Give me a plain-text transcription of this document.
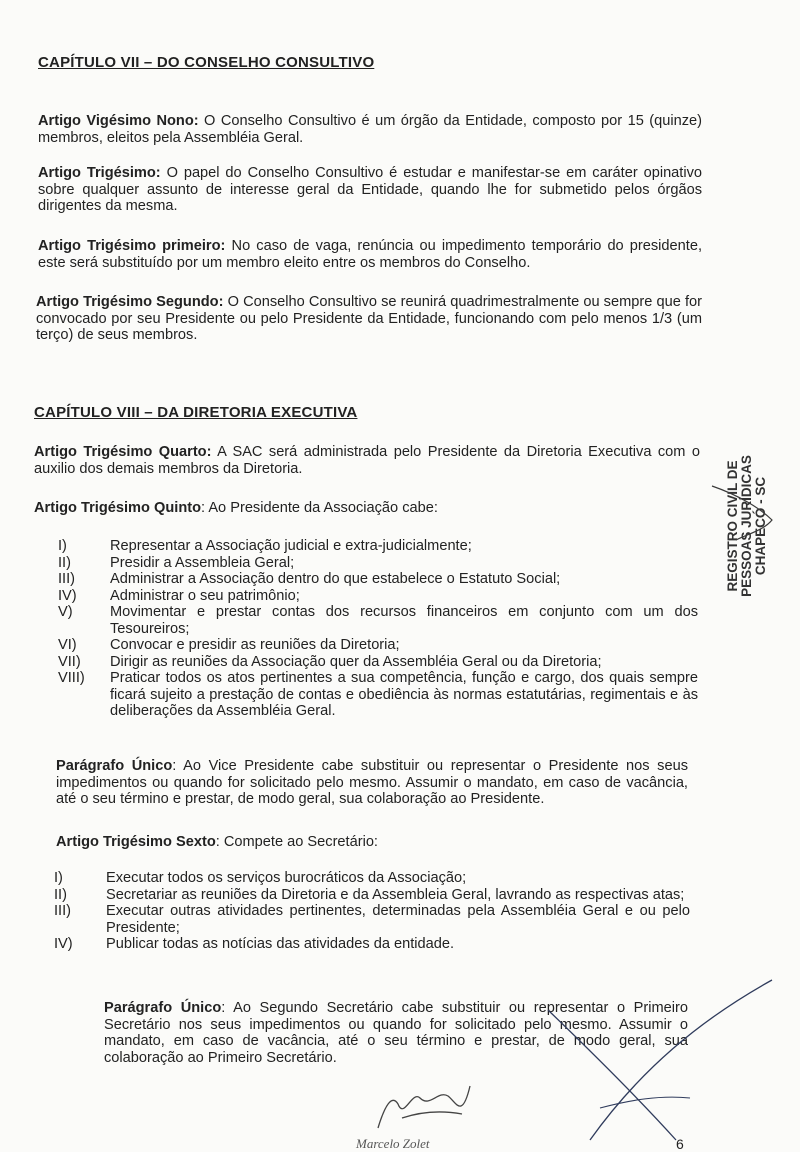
CAPÍTULO VII – DO CONSELHO CONSULTIVO
Artigo Vigésimo Nono: O Conselho Consultivo é um órgão da Entidade, composto por 15 (quinze) membros, eleitos pela Assembléia Geral.
Artigo Trigésimo: O papel do Conselho Consultivo é estudar e manifestar-se em caráter opinativo sobre qualquer assunto de interesse geral da Entidade, quando lhe for submetido pelos órgãos dirigentes da mesma.
Artigo Trigésimo primeiro: No caso de vaga, renúncia ou impedimento temporário do presidente, este será substituído por um membro eleito entre os membros do Conselho.
Artigo Trigésimo Segundo: O Conselho Consultivo se reunirá quadrimestralmente ou sempre que for convocado por seu Presidente ou pelo Presidente da Entidade, funcionando com pelo menos 1/3 (um terço) de seus membros.
CAPÍTULO VIII – DA DIRETORIA EXECUTIVA
Artigo Trigésimo Quarto: A SAC será administrada pelo Presidente da Diretoria Executiva com o auxilio dos demais membros da Diretoria.
Artigo Trigésimo Quinto: Ao Presidente da Associação cabe:
I)	Representar a Associação judicial e extra-judicialmente;
II)	Presidir a Assembleia Geral;
III)	Administrar a Associação dentro do que estabelece o Estatuto Social;
IV)	Administrar o seu patrimônio;
V)	Movimentar e prestar contas dos recursos financeiros em conjunto com um dos Tesoureiros;
VI)	Convocar e presidir as reuniões da Diretoria;
VII)	Dirigir as reuniões da Associação quer da Assembléia Geral ou da Diretoria;
VIII)	Praticar todos os atos pertinentes a sua competência, função e cargo, dos quais sempre ficará sujeito a prestação de contas e obediência às normas estatutárias, regimentais e às deliberações da Assembléia Geral.
Parágrafo Único: Ao Vice Presidente cabe substituir ou representar o Presidente nos seus impedimentos ou quando for solicitado pelo mesmo. Assumir o mandato, em caso de vacância, até o seu término e prestar, de modo geral, sua colaboração ao Presidente.
Artigo Trigésimo Sexto: Compete ao Secretário:
I)	Executar todos os serviços burocráticos da Associação;
II)	Secretariar as reuniões da Diretoria e da Assembleia Geral, lavrando as respectivas atas;
III)	Executar outras atividades pertinentes, determinadas pela Assembléia Geral e ou pelo Presidente;
IV)	Publicar todas as notícias das atividades da entidade.
Parágrafo Único: Ao Segundo Secretário cabe substituir ou representar o Primeiro Secretário nos seus impedimentos ou quando for solicitado pelo mesmo. Assumir o mandato, em caso de vacância, até o seu término e prestar, de modo geral, sua colaboração ao Primeiro Secretário.
REGISTRO CIVIL DE PESSOAS JURÍDICAS CHAPECÓ - SC
Marcelo Zolet	6
